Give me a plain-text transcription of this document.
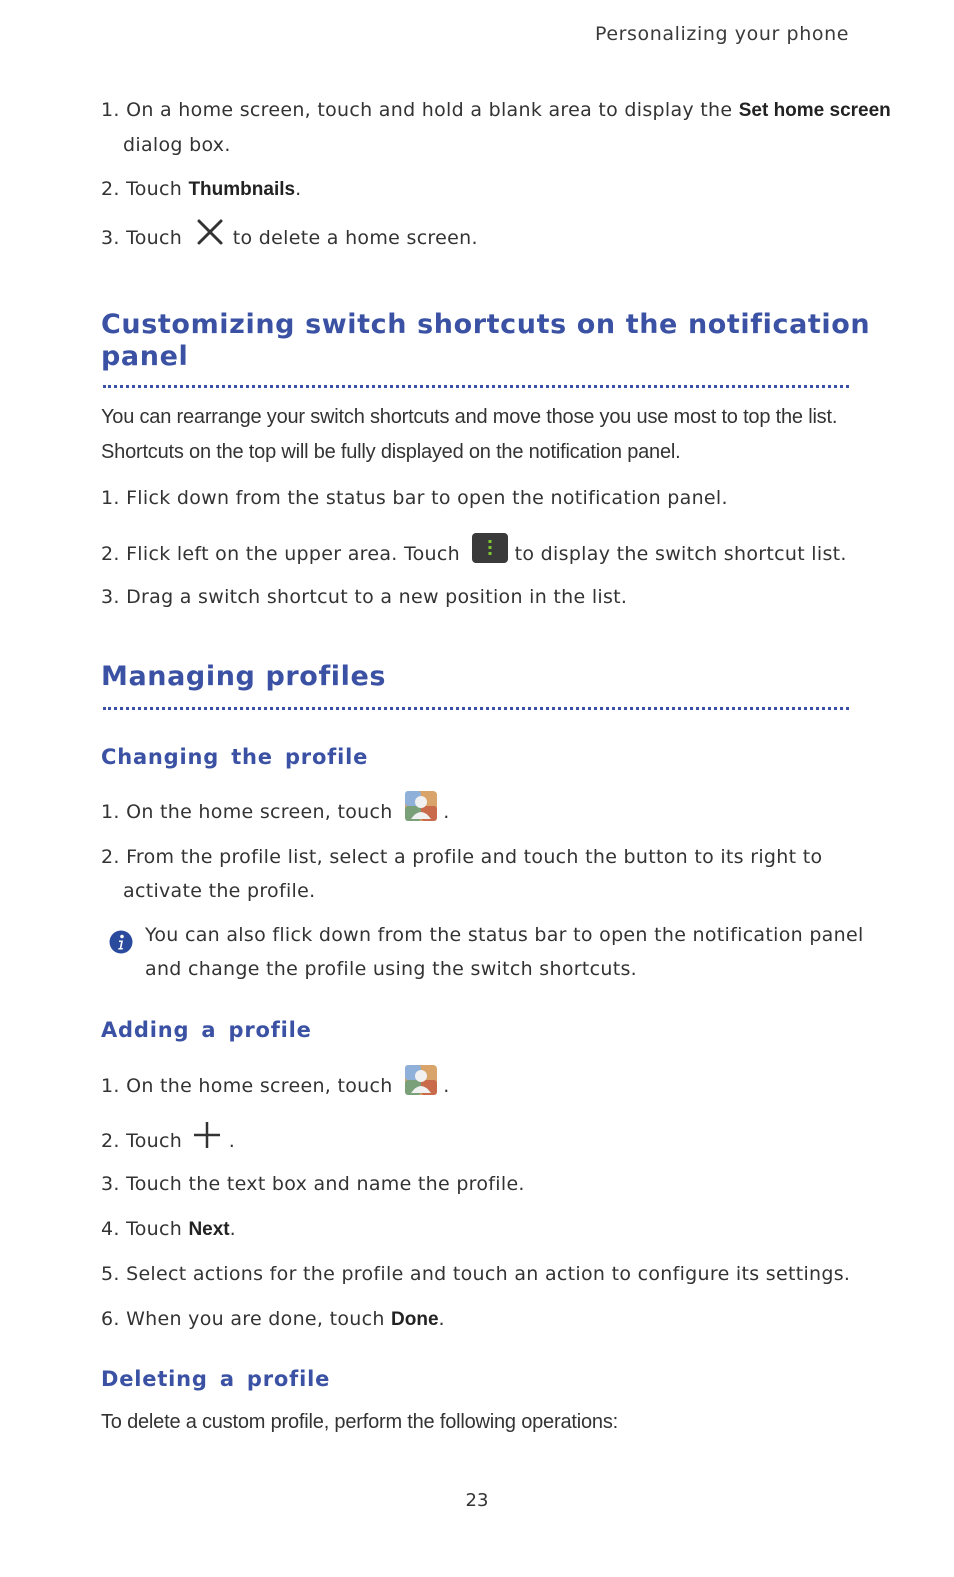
Personalizing your phone
1. On a home screen, touch and hold a blank area to display the Set home screen
dialog box.
2. Touch Thumbnails.
3. Touch  to delete a home screen.
Customizing switch shortcuts on the notification
panel
You can rearrange your switch shortcuts and move those you use most to top the list.
Shortcuts on the top will be fully displayed on the notification panel.
1. Flick down from the status bar to open the notification panel.
2. Flick left on the upper area. Touch  to display the switch shortcut list.
3. Drag a switch shortcut to a new position in the list.
Managing profiles
Changing the profile
1. On the home screen, touch  .
2. From the profile list, select a profile and touch the button to its right to
activate the profile.
You can also flick down from the status bar to open the notification panel
and change the profile using the switch shortcuts.
Adding a profile
1. On the home screen, touch  .
2. Touch  .
3. Touch the text box and name the profile.
4. Touch Next.
5. Select actions for the profile and touch an action to configure its settings.
6. When you are done, touch Done.
Deleting a profile
To delete a custom profile, perform the following operations:
23
